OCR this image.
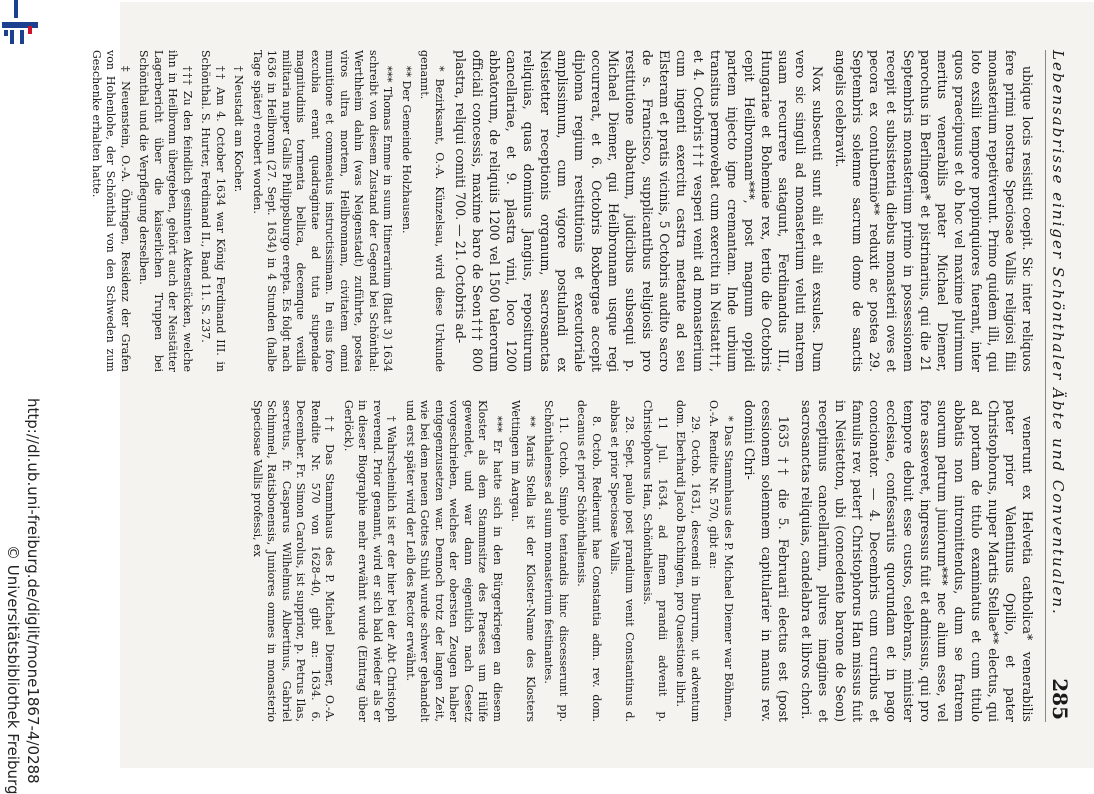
http://dl.ub.uni-freiburg.de/diglit/mone1867-4/0288
© Universitätsbibliothek Freiburg
Lebensabrisse einiger Schönthaler Äbte und Conventualen.
285

ubique locis resistiti coepit. Sic inter reliquos fere primi nostrae Speciosae Vallis religiosi filii monasterium repetiverunt. Primo quidem illi, qui loto exsilii tempore propinquiores fuerant, inter quos praecipuus et ob hoc vel maxime plurimum meritus venerabilis pater Michael Diemer, parochus in Berlingen* et pistrinarius, qui die 21 Septembris monasterium primo in possessionem recepit et subsistentia diebus monasterii oves et pecora ex contubernio** reduxit ac postea 29. Septembris solemne sacrum domo de sanctis angelis celebravit.

Nox subsecuti sunt alii et alii exsules. Dum vero sic singuli ad monasterium veluti matrem suam recurrere satagunt, Ferdinandus III., Hungariae et Bohemiae rex, tertio die Octobris cepit Heilbronnam***, post magnum oppidi partem injecto igne cremantam. Inde urbium transitus permovebat cum exercitu in Neistatt††, et 4. Octobris††† vesperi venit ad monasterium cum ingenti exercitu castra metante ad seu Elsteram et pratis vicinis, 5 Octobris audito sacro de s. Francisco, supplicantibus religiosis pro restitutione abbatum, judicibus subsequi p. Michael Diemer, qui Heilbronnam usque regi occurrerat, et 6. Octobris Boxbergae accepit diploma regium restitutionis et executoriale amplissimum, cum vigore postulandi ex Neistetter receptionis organum, sacrosanctas reliquias, quas dominus Jangius, repositurum cancellariae, et 9. plastra vini, loco 1200 abbatorum, de reliquiis 1200 vel 1500 talerorum officiali concessis, maxime baro de Seon††† 800 plastra, reliqui comiti 700. — 21. Octobris ad-

* Bezirksamt, O.-A. Künzelsau, wird diese Urkunde genannt.

** Der Gemeinde Holzhausen.

*** Thomas Emme in suum Itinerarium (Blatt 3) 1634 schreibt von diesem Zustand der Gegend bei Schönthal: Werthheim dahin (was Neigenstadt) zuführte, postea viros ultra mortem, Heilbronnam, civitatem omni munitione et commeatus instructissimam. In eius foro excubia erant quadragintae ad tuta stupendae magnitudinis tormenta bellica, decemque vexilla militaria nuper Gallis Philippsburgo erepta. Es folgt nach 1636 in Heilbronn (27. Sept. 1634) in 4 Stunden (halbe Tage später) erobert worden.

† Neustadt am Kocher.

†† Am 4. October 1634 war König Ferdinand III. in Schönthal. S. Hurter, Ferdinand II., Band 11. S. 237.

††† Zu den feindlich gesinnten Aktenstücken, welche ihn in Heilbronn übergeben, gehört auch der Neistätter Lagerbericht über die kaiserlichen Truppen bei Schönthal und die Verpflegung derselben.

‡ Neuenstein, O.-A. Öhringen, Residenz der Grafen von Hohenlohe, der Schönthal von den Schweden zum Geschenke erhalten hatte.

venerunt ex Helvetia catholica* venerabilis pater prior Valentinus Opilio, et pater Christophorus, nuper Martis Stellae** electus, qui ad portam de titulo examinatus et cum titulo abbatis non intromittendus, dum se fratrem suorum patrum juniorum*** nec alium esse, vel fore asseveret, ingressus fuit et admissus, qui pro tempore debuit esse custos, celebrans, minister ecclesiae, confessarius quorundam et in pago concionator. — 4. Decembris cum curribus et famulis rev. pater† Christophorus Han missus fuit in Neistetton, ubi (concedente barone de Seon) receptimus cancellarium, plures imagines et sacrosanctas reliquias, candelabra et libros chori.

1635 †† die 5. Februarii electus est (post cessionem solemnem capitularier in manus rev. domini Chri-

* Das Stammhaus des P. Michael Diemer war Böhmen, O.-A. Rendite Nr. 570, gibt an:

29. Octob. 1631, descendi in Iburrum, ut adventum dom. Eberhardi Jacob Buchingen, pro Quaestione libri.

11 Jul. 1634. ad finem prandii advenit p. Christophorus Han, Schönthaliensis.

28. Sept. paulo post prandium venit Constantinus d. abbas et prior Speciosae Vallis.

8. Octob. Redierunt hae Constantia adm. rev. dom. decanus et prior Schönthaliensis.

11. Octob. Simplo tentandis hinc discesserunt pp. Schönthalenses ad suum monasterium festinantes.

** Maris Stella ist der Kloster-Name des Klosters Wettingen im Aargau.

*** Er hatte sich in den Bürgerkriegen an diesem Kloster als dem Stammsitze des Praeses um Hülfe gewendet, und war dann eigentlich nach Gesetz vorgeschrieben, welches der obersten Zeugen halber entgegenzusetzen war. Dennoch trotz der langen Zeit, wie bei dem neuen Gottes Stuhl wurde schwer gehandelt und erst später wird der Leib des Rector erwähnt.

† Wahrscheinlich ist er der hier bei der Abt Christoph reverend. Prior genannt, wird er sich bald wieder als er in dieser Biographie mehr erwähnt wurde (Eintrag über Gerlöck).

†† Das Stammhaus des P. Michael Diemer, O.-A. Rendite Nr. 570 von 1628–40, gibt an: 1634. 6. December. Fr. Simon Carolus, ist supprior, p. Petrus Ilas, secretus, fr. Casparus Wilhelmus Albertinus, Gabriel Schimmel, Ratisbonensis, Juniores omnes in monasterio Speciosae Vallis professi, ex
